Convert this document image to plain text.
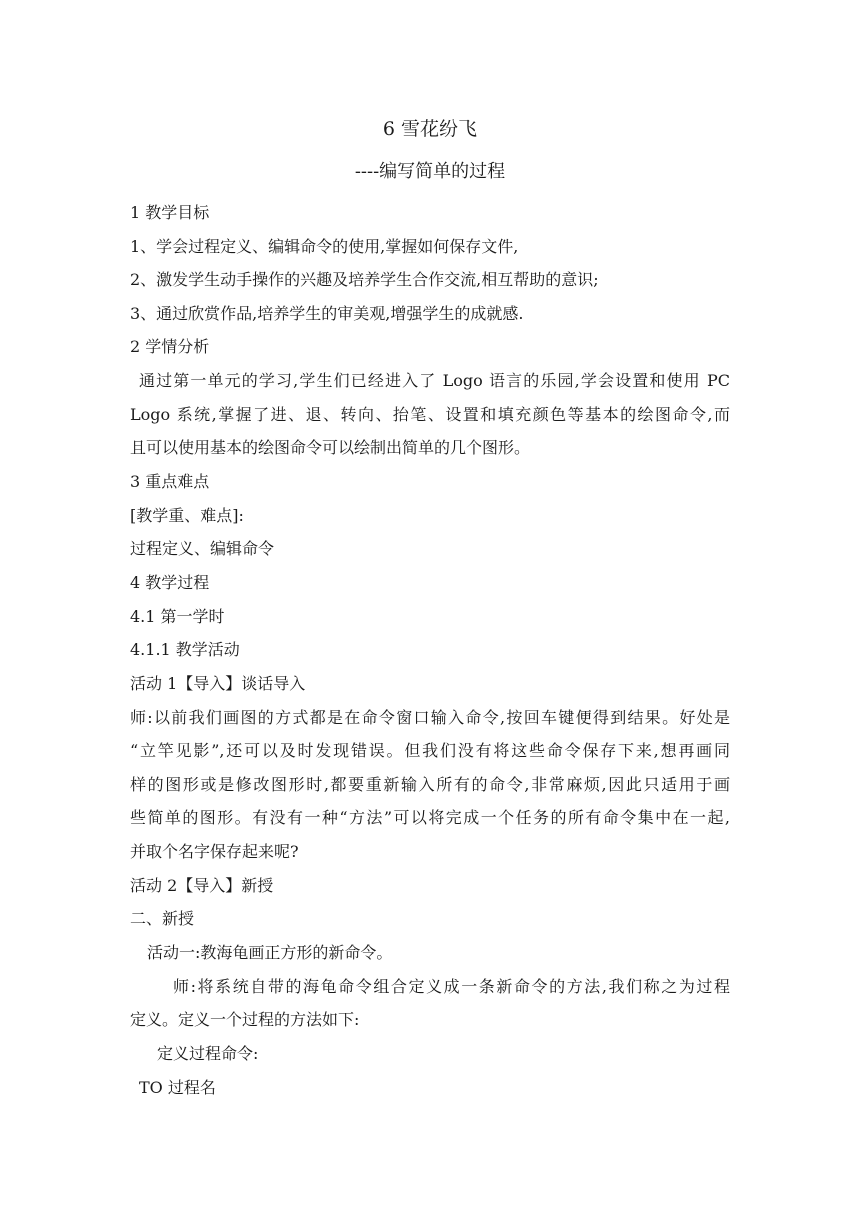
6 雪花纷飞
----编写简单的过程
1 教学目标
1、学会过程定义、编辑命令的使用,掌握如何保存文件,
2、激发学生动手操作的兴趣及培养学生合作交流,相互帮助的意识;
3、通过欣赏作品,培养学生的审美观,增强学生的成就感.
2 学情分析
通过第一单元的学习,学生们已经进入了 Logo 语言的乐园,学会设置和使用 PC
Logo 系统,掌握了进、退、转向、抬笔、设置和填充颜色等基本的绘图命令,而
且可以使用基本的绘图命令可以绘制出简单的几个图形。
3 重点难点
[教学重、难点]:
过程定义、编辑命令
4 教学过程
4.1 第一学时
4.1.1 教学活动
活动 1【导入】谈话导入
师:以前我们画图的方式都是在命令窗口输入命令,按回车键便得到结果。好处是
“立竿见影”,还可以及时发现错误。但我们没有将这些命令保存下来,想再画同
样的图形或是修改图形时,都要重新输入所有的命令,非常麻烦,因此只适用于画
些简单的图形。有没有一种“方法”可以将完成一个任务的所有命令集中在一起,
并取个名字保存起来呢?
活动 2【导入】新授
二、新授
活动一:教海龟画正方形的新命令。
师:将系统自带的海龟命令组合定义成一条新命令的方法,我们称之为过程
定义。定义一个过程的方法如下:
定义过程命令:
TO 过程名
